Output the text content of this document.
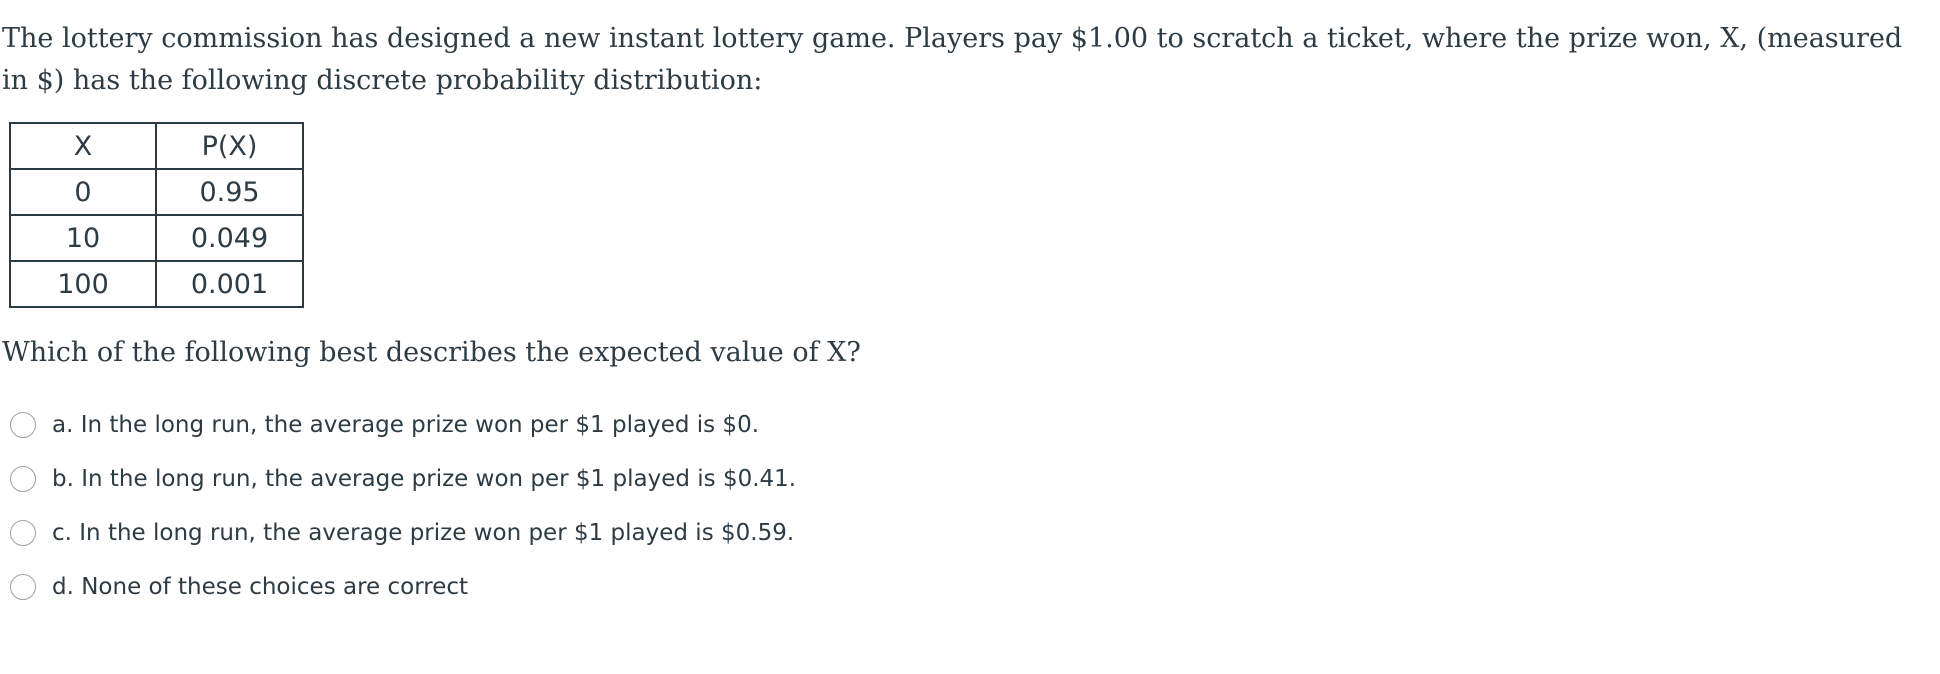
The lottery commission has designed a new instant lottery game. Players pay $1.00 to scratch a ticket, where the prize won, X, (measured in $) has the following discrete probability distribution:

X	P(X)
0	0.95
10	0.049
100	0.001

Which of the following best describes the expected value of X?

a. In the long run, the average prize won per $1 played is $0.
b. In the long run, the average prize won per $1 played is $0.41.
c. In the long run, the average prize won per $1 played is $0.59.
d. None of these choices are correct
